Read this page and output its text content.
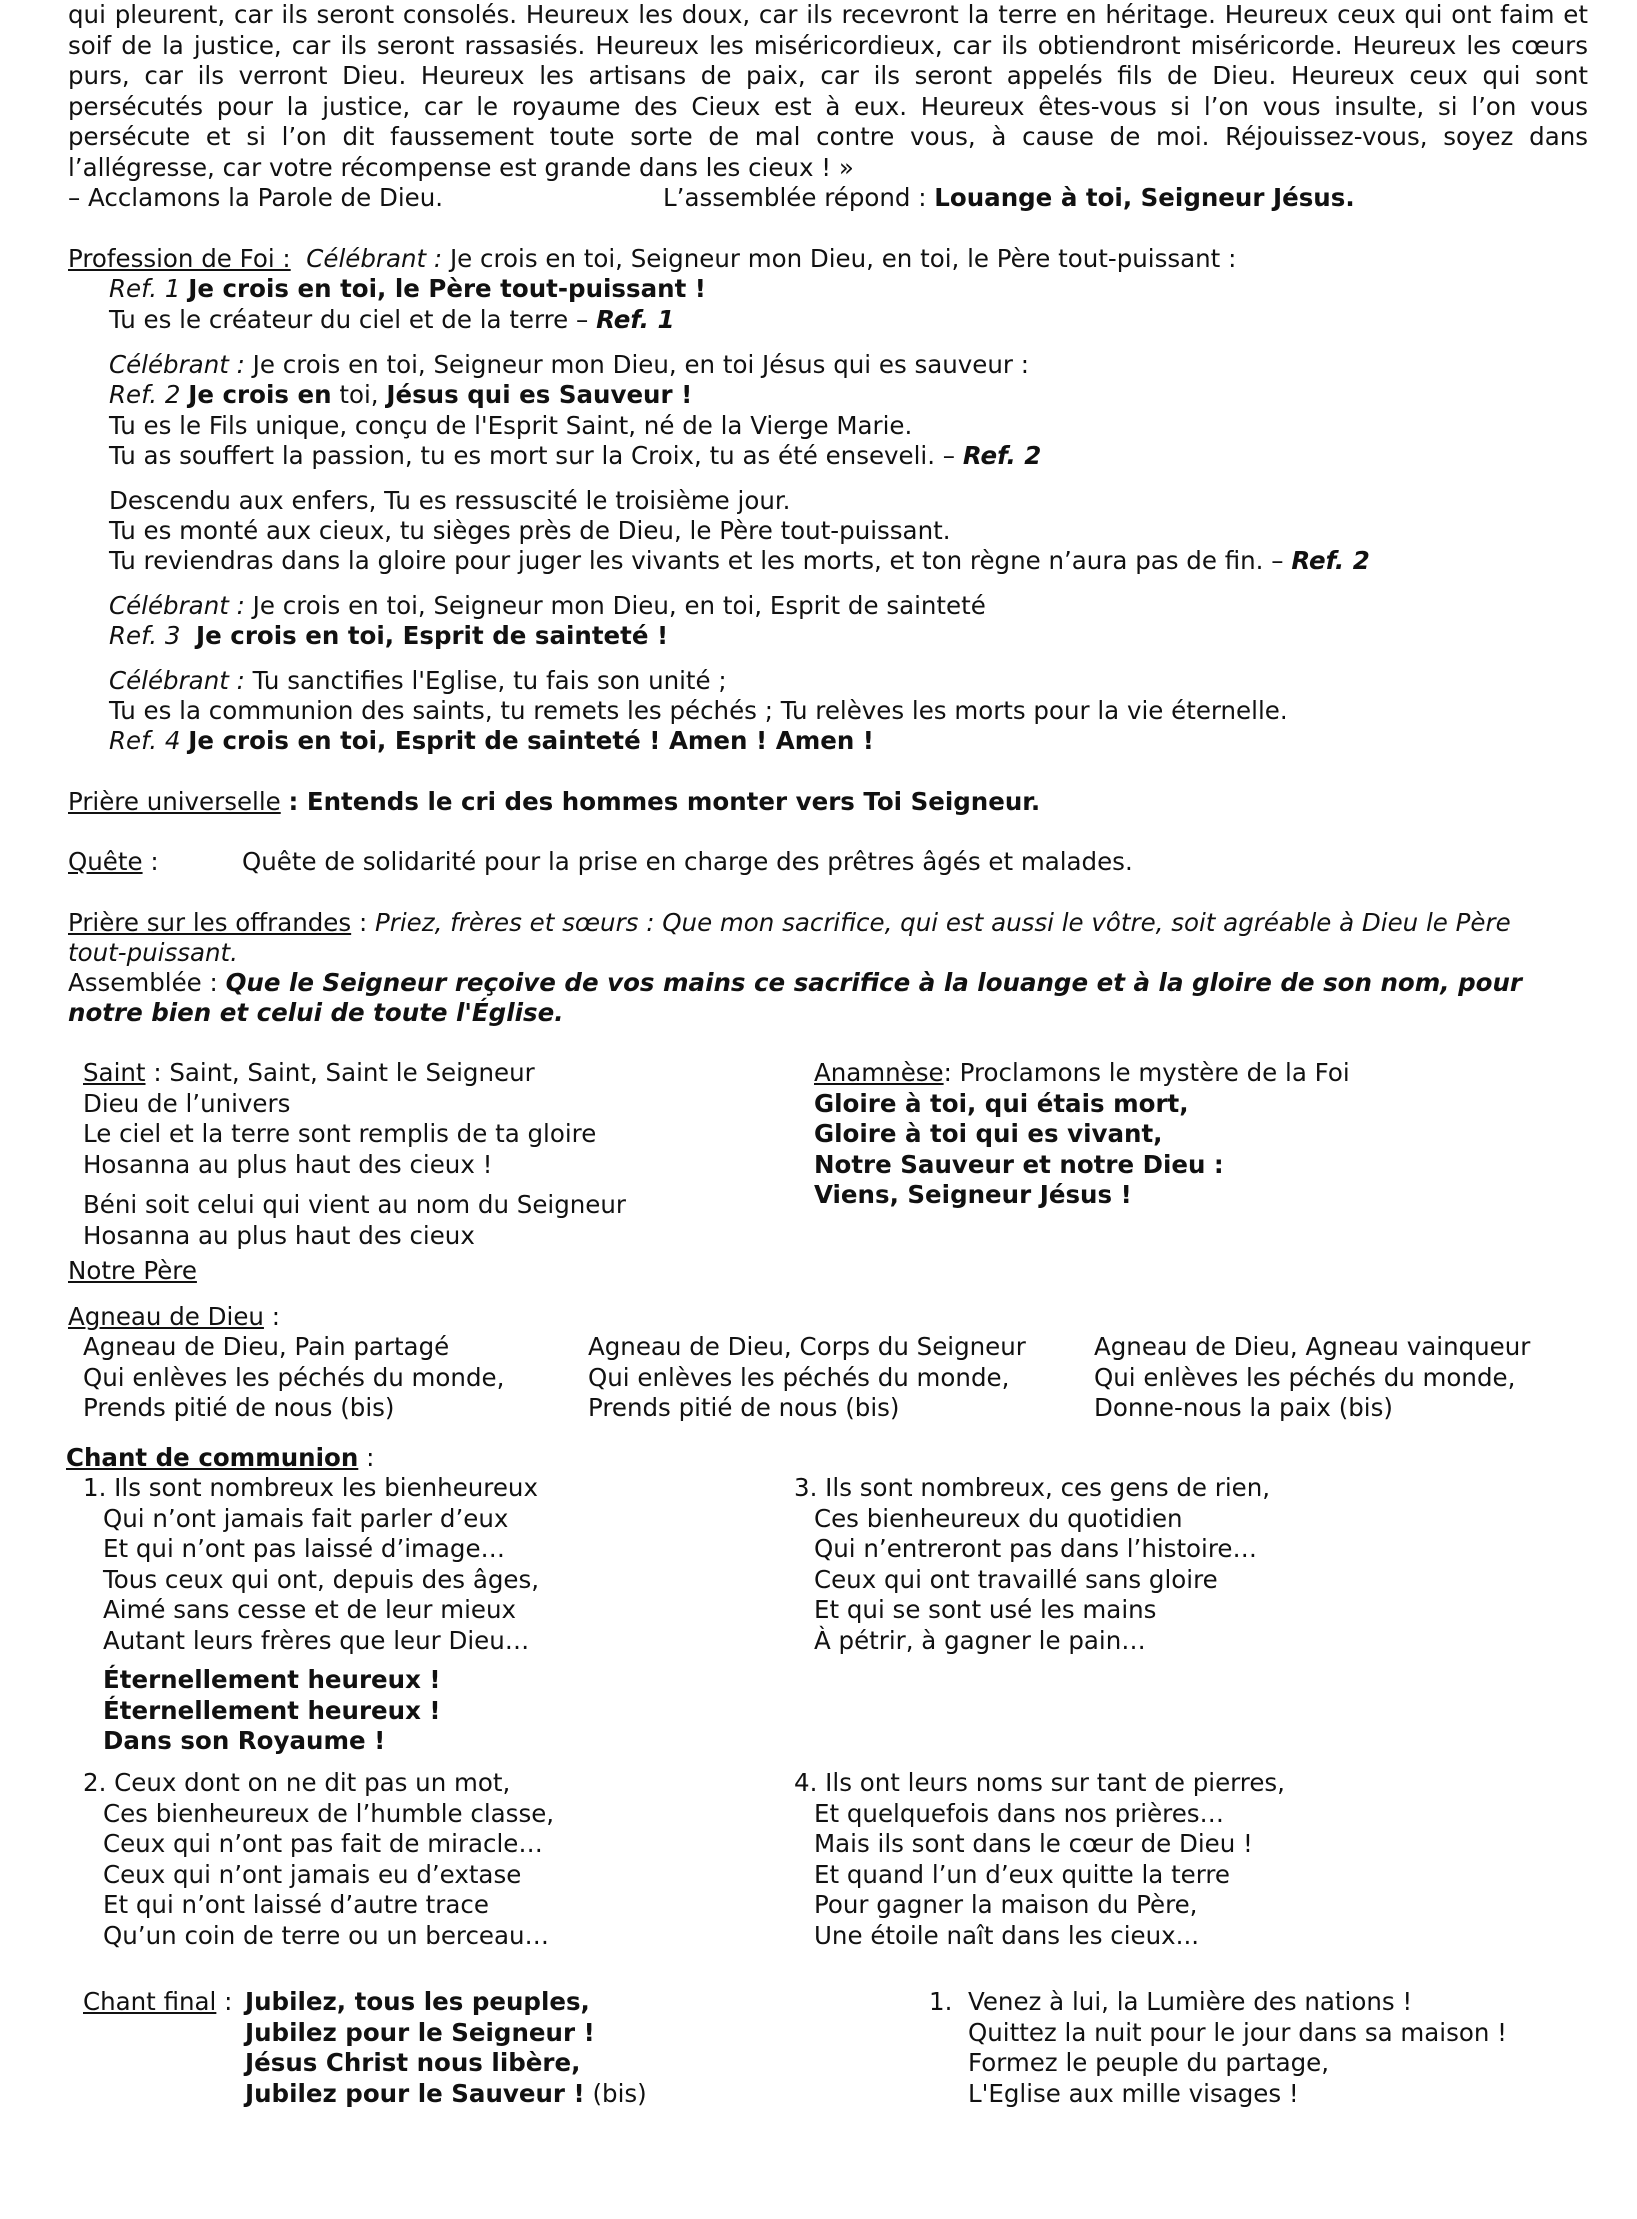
qui pleurent, car ils seront consolés. Heureux les doux, car ils recevront la terre en héritage. Heureux ceux qui ont faim et soif de la justice, car ils seront rassasiés. Heureux les miséricordieux, car ils obtiendront miséricorde. Heureux les cœurs purs, car ils verront Dieu. Heureux les artisans de paix, car ils seront appelés fils de Dieu. Heureux ceux qui sont persécutés pour la justice, car le royaume des Cieux est à eux. Heureux êtes-vous si l’on vous insulte, si l’on vous persécute et si l’on dit faussement toute sorte de mal contre vous, à cause de moi. Réjouissez-vous, soyez dans l’allégresse, car votre récompense est grande dans les cieux ! »

– Acclamons la Parole de Dieu.	L’assemblée répond : Louange à toi, Seigneur Jésus.
Profession de Foi : Célébrant : Je crois en toi, Seigneur mon Dieu, en toi, le Père tout-puissant :
Ref. 1 Je crois en toi, le Père tout-puissant !
Tu es le créateur du ciel et de la terre – Ref. 1
Célébrant : Je crois en toi, Seigneur mon Dieu, en toi Jésus qui es sauveur :
Ref. 2 Je crois en toi, Jésus qui es Sauveur !
Tu es le Fils unique, conçu de l'Esprit Saint, né de la Vierge Marie.
Tu as souffert la passion, tu es mort sur la Croix, tu as été enseveli. – Ref. 2
Descendu aux enfers, Tu es ressuscité le troisième jour.
Tu es monté aux cieux, tu sièges près de Dieu, le Père tout-puissant.
Tu reviendras dans la gloire pour juger les vivants et les morts, et ton règne n’aura pas de fin. – Ref. 2
Célébrant : Je crois en toi, Seigneur mon Dieu, en toi, Esprit de sainteté
Ref. 3 Je crois en toi, Esprit de sainteté !
Célébrant : Tu sanctifies l'Eglise, tu fais son unité ;
Tu es la communion des saints, tu remets les péchés ; Tu relèves les morts pour la vie éternelle.
Ref. 4 Je crois en toi, Esprit de sainteté ! Amen ! Amen !
Prière universelle : Entends le cri des hommes monter vers Toi Seigneur.
Quête :	Quête de solidarité pour la prise en charge des prêtres âgés et malades.
Prière sur les offrandes : Priez, frères et sœurs : Que mon sacrifice, qui est aussi le vôtre, soit agréable à Dieu le Père
tout-puissant.
Assemblée : Que le Seigneur reçoive de vos mains ce sacrifice à la louange et à la gloire de son nom, pour
notre bien et celui de toute l'Église.
Saint : Saint, Saint, Saint le Seigneur
Dieu de l’univers
Le ciel et la terre sont remplis de ta gloire
Hosanna au plus haut des cieux !
Béni soit celui qui vient au nom du Seigneur
Hosanna au plus haut des cieux
Notre Père
Anamnèse: Proclamons le mystère de la Foi
Gloire à toi, qui étais mort,
Gloire à toi qui es vivant,
Notre Sauveur et notre Dieu :
Viens, Seigneur Jésus !
Agneau de Dieu :
Agneau de Dieu, Pain partagé
Qui enlèves les péchés du monde,
Prends pitié de nous (bis)
Agneau de Dieu, Corps du Seigneur
Qui enlèves les péchés du monde,
Prends pitié de nous (bis)
Agneau de Dieu, Agneau vainqueur
Qui enlèves les péchés du monde,
Donne-nous la paix (bis)
Chant de communion :
1. Ils sont nombreux les bienheureux
Qui n’ont jamais fait parler d’eux
Et qui n’ont pas laissé d’image…
Tous ceux qui ont, depuis des âges,
Aimé sans cesse et de leur mieux
Autant leurs frères que leur Dieu…
Éternellement heureux !
Éternellement heureux !
Dans son Royaume !
2. Ceux dont on ne dit pas un mot,
Ces bienheureux de l’humble classe,
Ceux qui n’ont pas fait de miracle…
Ceux qui n’ont jamais eu d’extase
Et qui n’ont laissé d’autre trace
Qu’un coin de terre ou un berceau…
3. Ils sont nombreux, ces gens de rien,
Ces bienheureux du quotidien
Qui n’entreront pas dans l’histoire…
Ceux qui ont travaillé sans gloire
Et qui se sont usé les mains
À pétrir, à gagner le pain…
4. Ils ont leurs noms sur tant de pierres,
Et quelquefois dans nos prières…
Mais ils sont dans le cœur de Dieu !
Et quand l’un d’eux quitte la terre
Pour gagner la maison du Père,
Une étoile naît dans les cieux...
Chant final : Jubilez, tous les peuples,
Jubilez pour le Seigneur !
Jésus Christ nous libère,
Jubilez pour le Sauveur ! (bis)
1. Venez à lui, la Lumière des nations !
Quittez la nuit pour le jour dans sa maison !
Formez le peuple du partage,
L'Eglise aux mille visages !
